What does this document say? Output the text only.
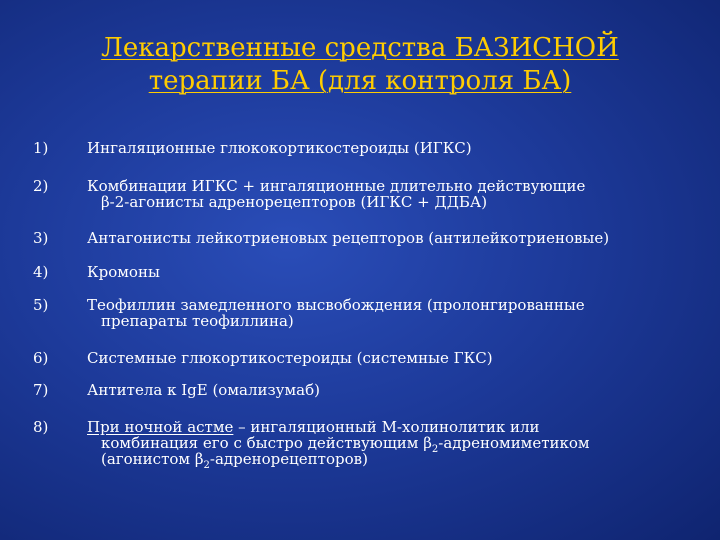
Лекарственные средства БАЗИСНОЙ
терапии БА (для контроля БА)
1)	Ингаляционные глюкокортикостероиды (ИГКС)
2)	Комбинации ИГКС + ингаляционные длительно действующие
β-2-агонисты адренорецепторов (ИГКС + ДДБА)
3)	Антагонисты лейкотриеновых рецепторов (антилейкотриеновые)
4)	Кромоны
5)	Теофиллин замедленного высвобождения (пролонгированные
препараты теофиллина)
6)	Системные глюкортикостероиды (системные ГКС)
7)	Антитела к IgE (омализумаб)
8)	При ночной астме – ингаляционный М-холинолитик или
комбинация его с быстро действующим $\beta_2$-адреномиметиком
(агонистом $\beta_2-адренорецепторов$)
